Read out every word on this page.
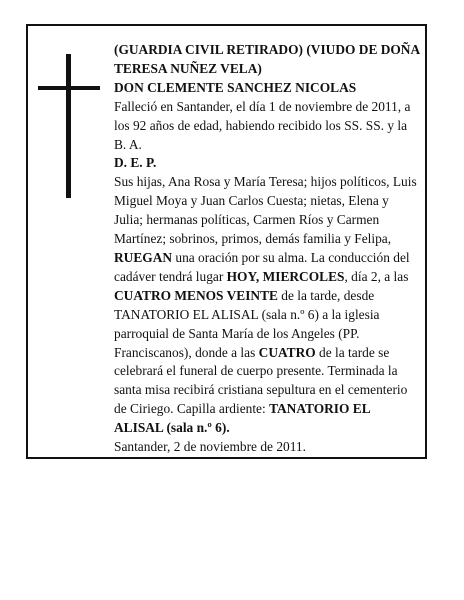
(GUARDIA CIVIL RETIRADO) (VIUDO DE DOÑA TERESA NUÑEZ VELA)

DON CLEMENTE SANCHEZ NICOLAS

Falleció en Santander, el día 1 de noviembre de 2011, a los 92 años de edad, habiendo recibido los SS. SS. y la B. A.

D. E. P.

Sus hijas, Ana Rosa y María Teresa; hijos políticos, Luis Miguel Moya y Juan Carlos Cuesta; nietas, Elena y Julia; hermanas políticas, Carmen Ríos y Carmen Martínez; sobrinos, primos, demás familia y Felipa, RUEGAN una oración por su alma. La conducción del cadáver tendrá lugar HOY, MIERCOLES, día 2, a las CUATRO MENOS VEINTE de la tarde, desde TANATORIO EL ALISAL (sala n.º 6) a la iglesia parroquial de Santa María de los Angeles (PP. Franciscanos), donde a las CUATRO de la tarde se celebrará el funeral de cuerpo presente. Terminada la santa misa recibirá cristiana sepultura en el cementerio de Ciriego. Capilla ardiente: TANATORIO EL ALISAL (sala n.º 6).

Santander, 2 de noviembre de 2011.
